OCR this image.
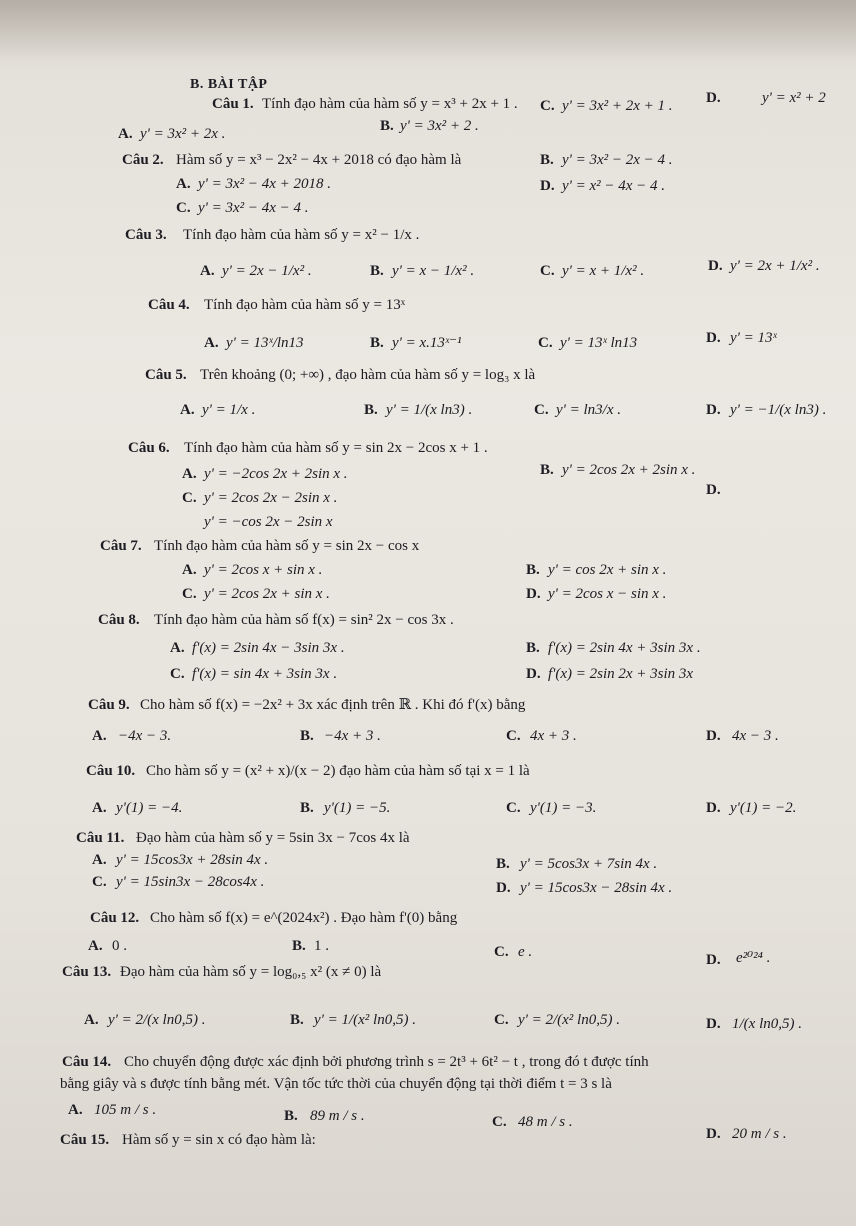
B. BÀI TẬP
Câu 1. Tính đạo hàm của hàm số y = x³ + 2x + 1 .
A. y' = 3x² + 2x .	B. y' = 3x² + 2 .
C. y' = 3x² + 2x + 1 . D.	y' = x² + 2
Câu 2. Hàm số y = x³ − 2x² − 4x + 2018 có đạo hàm là
A. y' = 3x² − 4x + 2018 .
B. y' = 3x² − 2x − 4 .
C. y' = 3x² − 4x − 4 .
D. y' = x² − 4x − 4 .
Câu 3. Tính đạo hàm của hàm số y = x² − 1/x .
A. y' = 2x − 1/x² .	B. y' = x − 1/x² .	C. y' = x + 1/x² .	D. y' = 2x + 1/x² .
Câu 4. Tính đạo hàm của hàm số y = 13ˣ
A. y' = 13ˣ/ln13	B. y' = x.13ˣ⁻¹	C. y' = 13ˣ ln13	D. y' = 13ˣ
Câu 5. Trên khoảng (0; +∞) , đạo hàm của hàm số y = log₃ x là
A. y' = 1/x .	B. y' = 1/(x ln3) .	C. y' = ln3/x .	D. y' = −1/(x ln3) .
Câu 6. Tính đạo hàm của hàm số y = sin 2x − 2cos x + 1 .
A. y' = −2cos 2x + 2sin x .	B. y' = 2cos 2x + 2sin x .
C. y' = 2cos 2x − 2sin x .	D.
y' = −cos 2x − 2sin x
Câu 7. Tính đạo hàm của hàm số y = sin 2x − cos x
A. y' = 2cos x + sin x .	B. y' = cos 2x + sin x .
C. y' = 2cos 2x + sin x .	D. y' = 2cos x − sin x .
Câu 8. Tính đạo hàm của hàm số f(x) = sin² 2x − cos 3x .
A. f'(x) = 2sin 4x − 3sin 3x .	B. f'(x) = 2sin 4x + 3sin 3x .
C. f'(x) = sin 4x + 3sin 3x .	D. f'(x) = 2sin 2x + 3sin 3x
Câu 9. Cho hàm số f(x) = −2x² + 3x xác định trên ℝ . Khi đó f'(x) bằng
A. −4x − 3.	B. −4x + 3 .	C. 4x + 3 .	D. 4x − 3 .
Câu 10. Cho hàm số y = (x² + x)/(x − 2) đạo hàm của hàm số tại x = 1 là
A. y'(1) = −4.	B. y'(1) = −5.	C. y'(1) = −3.	D. y'(1) = −2.
Câu 11. Đạo hàm của hàm số y = 5sin 3x − 7cos 4x là
A. y' = 15cos3x + 28sin 4x .	B. y' = 5cos3x + 7sin 4x .
C. y' = 15sin3x − 28cos4x .	D. y' = 15cos3x − 28sin 4x .
Câu 12. Cho hàm số f(x) = e^(2024x²) . Đạo hàm f'(0) bằng
A. 0 .	B. 1 .	C. e .	D. e²⁰²⁴ .
Câu 13. Đạo hàm của hàm số y = log₀,₅ x² (x ≠ 0) là
A. y' = 2/(x ln0,5) .	B. y' = 1/(x² ln0,5) .	C. y' = 2/(x² ln0,5) .	D. 1/(x ln0,5) .
Câu 14. Cho chuyển động được xác định bởi phương trình s = 2t³ + 6t² − t , trong đó t được tính
bằng giây và s được tính bằng mét. Vận tốc tức thời của chuyển động tại thời điểm t = 3 s là
A. 105 m / s .	B. 89 m / s .	C. 48 m / s .
D. 20 m / s .
Câu 15. Hàm số y = sin x có đạo hàm là:
